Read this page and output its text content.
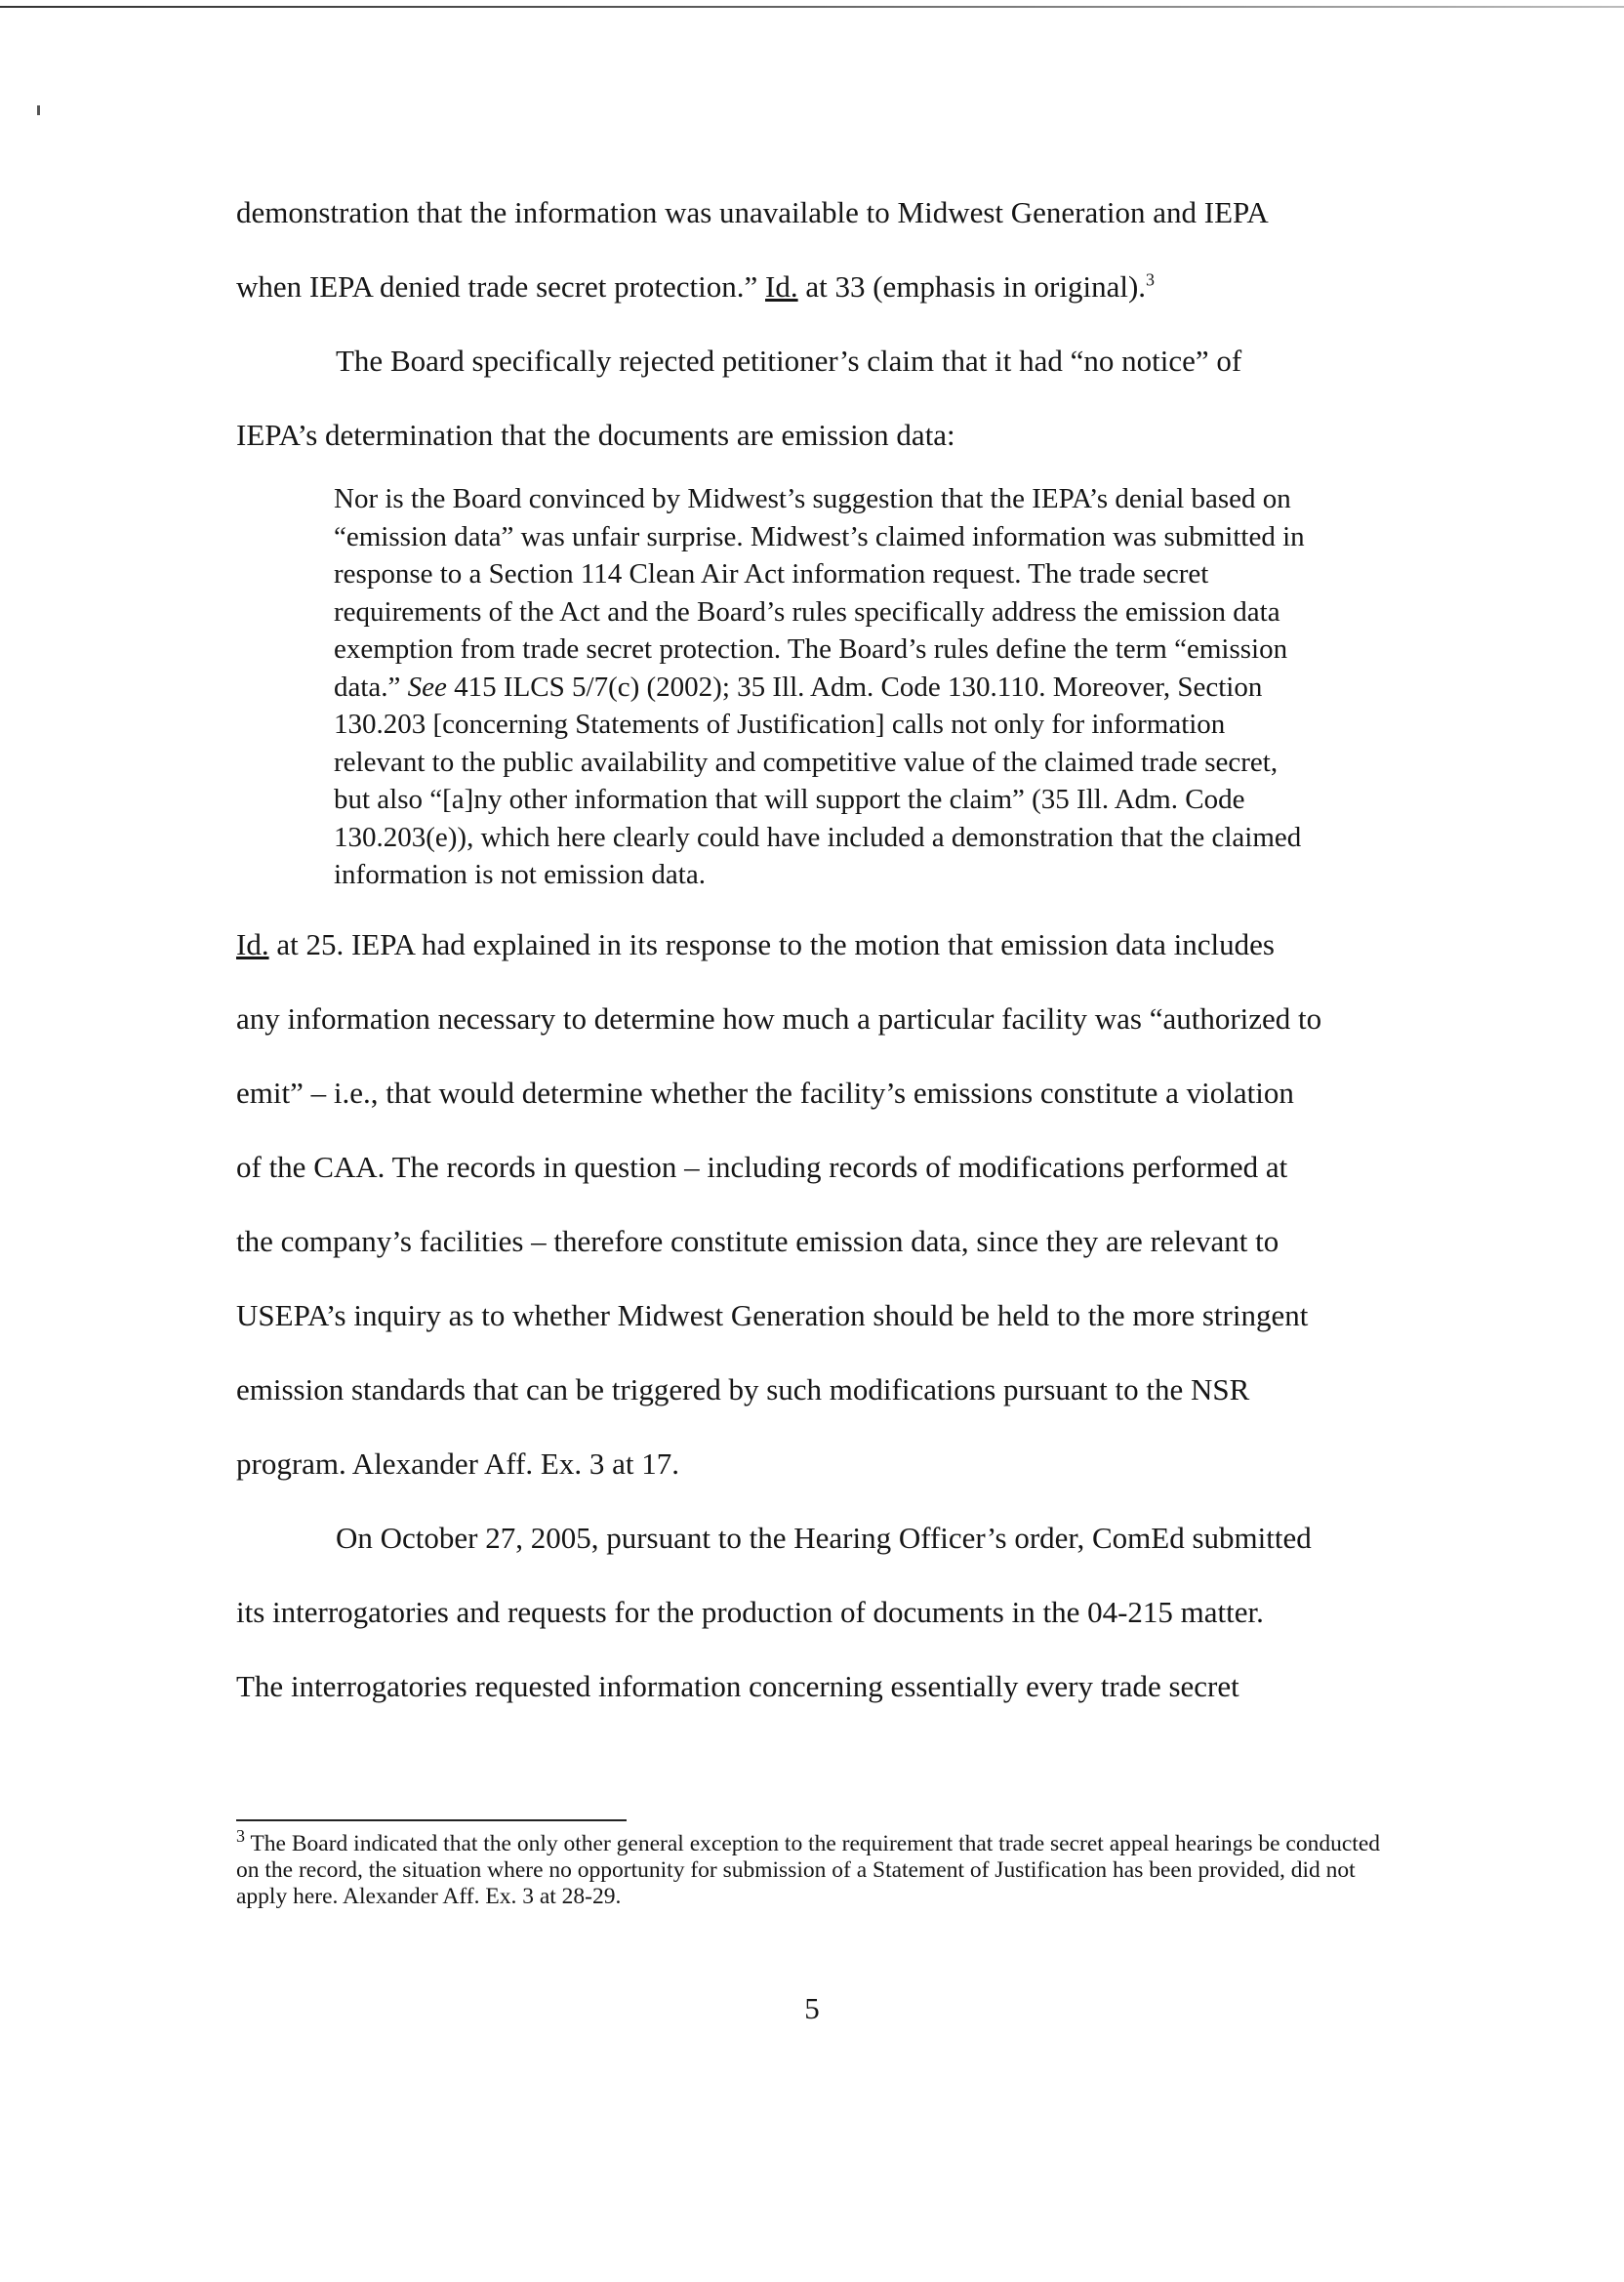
demonstration that the information was unavailable to Midwest Generation and IEPA

when IEPA denied trade secret protection.” Id. at 33 (emphasis in original).$^3$

The Board specifically rejected petitioner’s claim that it had “no notice” of

IEPA’s determination that the documents are emission data:

Nor is the Board convinced by Midwest’s suggestion that the IEPA’s denial based on “emission data” was unfair surprise. Midwest’s claimed information was submitted in response to a Section 114 Clean Air Act information request. The trade secret requirements of the Act and the Board’s rules specifically address the emission data exemption from trade secret protection. The Board’s rules define the term “emission data.” See 415 ILCS 5/7(c) (2002); 35 Ill. Adm. Code 130.110. Moreover, Section 130.203 [concerning Statements of Justification] calls not only for information relevant to the public availability and competitive value of the claimed trade secret, but also “[a]ny other information that will support the claim” (35 Ill. Adm. Code 130.203(e)), which here clearly could have included a demonstration that the claimed information is not emission data.

Id. at 25. IEPA had explained in its response to the motion that emission data includes

any information necessary to determine how much a particular facility was “authorized to

emit” – i.e., that would determine whether the facility’s emissions constitute a violation

of the CAA. The records in question – including records of modifications performed at

the company’s facilities – therefore constitute emission data, since they are relevant to

USEPA’s inquiry as to whether Midwest Generation should be held to the more stringent

emission standards that can be triggered by such modifications pursuant to the NSR

program. Alexander Aff. Ex. 3 at 17.

On October 27, 2005, pursuant to the Hearing Officer’s order, ComEd submitted

its interrogatories and requests for the production of documents in the 04-215 matter.

The interrogatories requested information concerning essentially every trade secret

$^3$ The Board indicated that the only other general exception to the requirement that trade secret appeal hearings be conducted on the record, the situation where no opportunity for submission of a Statement of Justification has been provided, did not apply here. Alexander Aff. Ex. 3 at 28-29.

5
